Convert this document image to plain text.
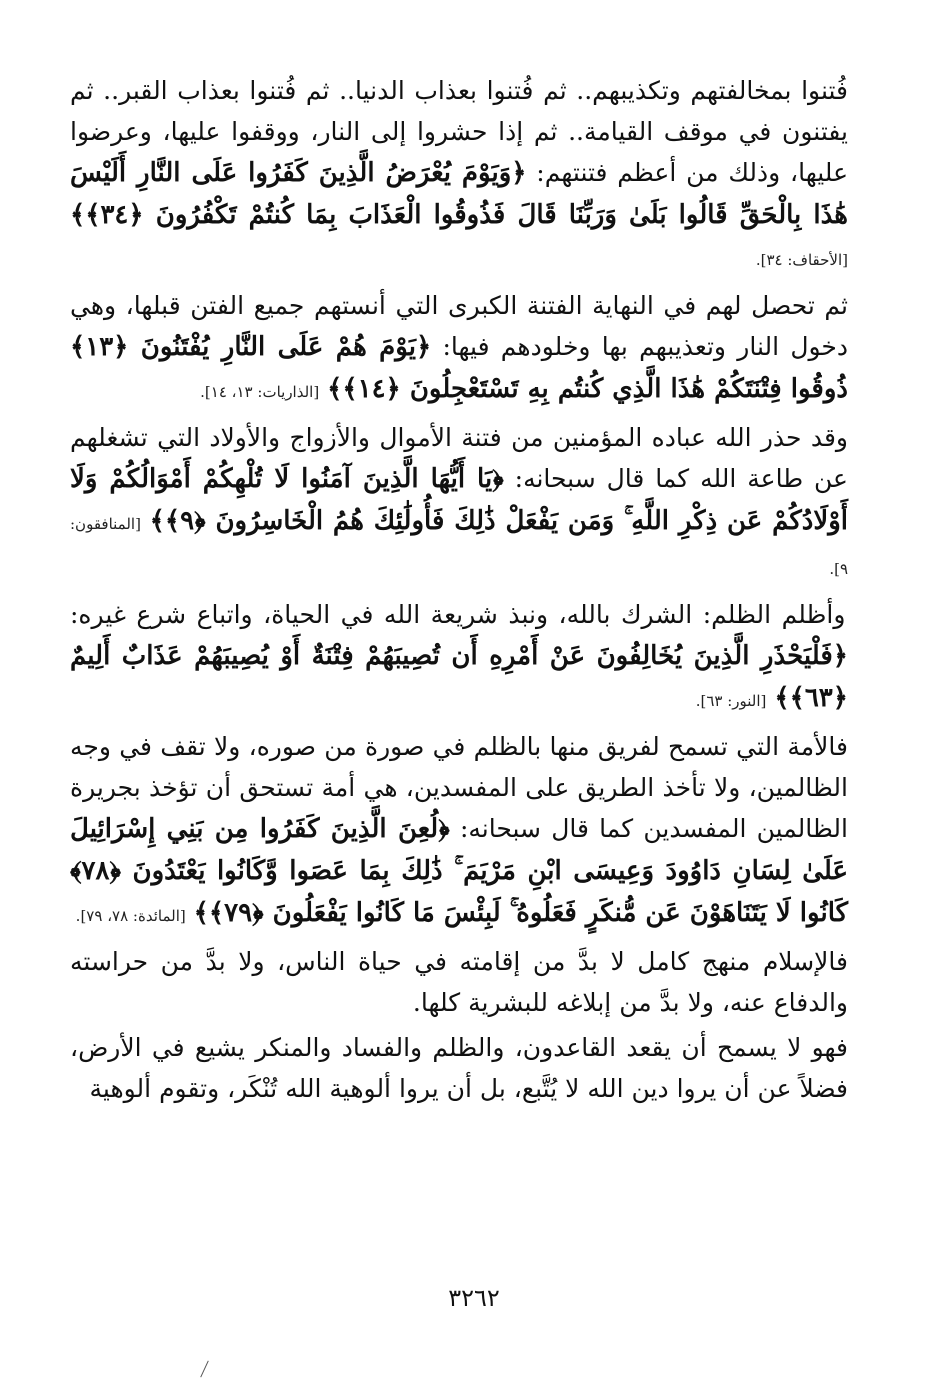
فُتنوا بمخالفتهم وتكذيبهم.. ثم فُتنوا بعذاب الدنيا.. ثم فُتنوا بعذاب القبر.. ثم يفتنون في موقف القيامة.. ثم إذا حشروا إلى النار، ووقفوا عليها، وعرضوا عليها، وذلك من أعظم فتنتهم: ﴿وَيَوْمَ يُعْرَضُ الَّذِينَ كَفَرُوا عَلَى النَّارِ أَلَيْسَ هَٰذَا بِالْحَقِّ قَالُوا بَلَىٰ وَرَبِّنَا قَالَ فَذُوقُوا الْعَذَابَ بِمَا كُنتُمْ تَكْفُرُونَ ﴿٣٤﴾﴾ [الأحقاف: ٣٤].

ثم تحصل لهم في النهاية الفتنة الكبرى التي أنستهم جميع الفتن قبلها، وهي دخول النار وتعذيبهم بها وخلودهم فيها: ﴿يَوْمَ هُمْ عَلَى النَّارِ يُفْتَنُونَ ﴿١٣﴾ ذُوقُوا فِتْنَتَكُمْ هَٰذَا الَّذِي كُنتُم بِهِ تَسْتَعْجِلُونَ ﴿١٤﴾﴾ [الذاريات: ١٣، ١٤].

وقد حذر الله عباده المؤمنين من فتنة الأموال والأزواج والأولاد التي تشغلهم عن طاعة الله كما قال سبحانه: ﴿يَا أَيُّهَا الَّذِينَ آمَنُوا لَا تُلْهِكُمْ أَمْوَالُكُمْ وَلَا أَوْلَادُكُمْ عَن ذِكْرِ اللَّهِ ۚ وَمَن يَفْعَلْ ذَٰلِكَ فَأُولَٰئِكَ هُمُ الْخَاسِرُونَ ﴿٩﴾﴾ [المنافقون: ٩].

وأظلم الظلم: الشرك بالله، ونبذ شريعة الله في الحياة، واتباع شرع غيره: ﴿فَلْيَحْذَرِ الَّذِينَ يُخَالِفُونَ عَنْ أَمْرِهِ أَن تُصِيبَهُمْ فِتْنَةٌ أَوْ يُصِيبَهُمْ عَذَابٌ أَلِيمٌ ﴿٦٣﴾﴾ [النور: ٦٣].

فالأمة التي تسمح لفريق منها بالظلم في صورة من صوره، ولا تقف في وجه الظالمين، ولا تأخذ الطريق على المفسدين، هي أمة تستحق أن تؤخذ بجريرة الظالمين المفسدين كما قال سبحانه: ﴿لُعِنَ الَّذِينَ كَفَرُوا مِن بَنِي إِسْرَائِيلَ عَلَىٰ لِسَانِ دَاوُودَ وَعِيسَى ابْنِ مَرْيَمَ ۚ ذَٰلِكَ بِمَا عَصَوا وَّكَانُوا يَعْتَدُونَ ﴿٧٨﴾ كَانُوا لَا يَتَنَاهَوْنَ عَن مُّنكَرٍ فَعَلُوهُ ۚ لَبِئْسَ مَا كَانُوا يَفْعَلُونَ ﴿٧٩﴾﴾ [المائدة: ٧٨، ٧٩].

فالإسلام منهج كامل لا بدَّ من إقامته في حياة الناس، ولا بدَّ من حراسته والدفاع عنه، ولا بدَّ من إبلاغه للبشرية كلها.

فهو لا يسمح أن يقعد القاعدون، والظلم والفساد والمنكر يشيع في الأرض، فضلاً عن أن يروا دين الله لا يُتَّبع، بل أن يروا ألوهية الله تُنْكَر، وتقوم ألوهية

٣٢٦٢
